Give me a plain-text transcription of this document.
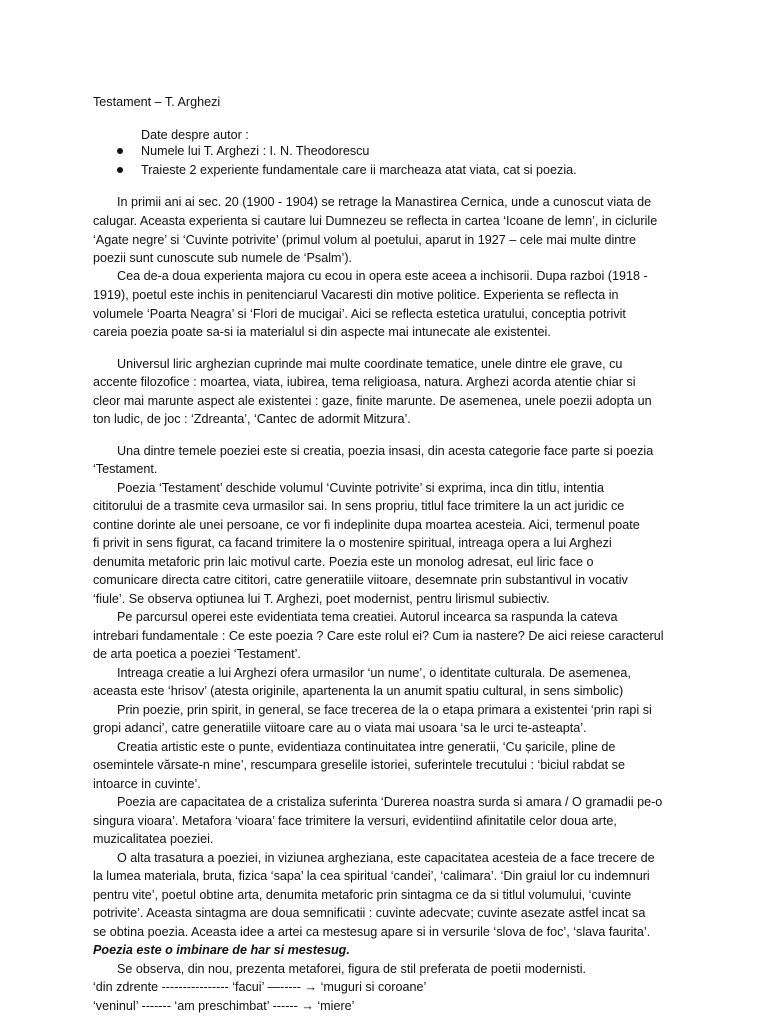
Testament – T. Arghezi
Date despre autor :
Numele lui T. Arghezi : I. N. Theodorescu
Traieste 2 experiente fundamentale care ii marcheaza atat viata, cat si poezia.
In primii ani ai sec. 20 (1900 - 1904) se retrage la Manastirea Cernica, unde a cunoscut viata de
calugar. Aceasta experienta si cautare lui Dumnezeu se reflecta in cartea ‘Icoane de lemn’, in ciclurile
‘Agate negre’ si ‘Cuvinte potrivite’ (primul volum al poetului, aparut in 1927 – cele mai multe dintre
poezii sunt cunoscute sub numele de ‘Psalm’).
Cea de-a doua experienta majora cu ecou in opera este aceea a inchisorii. Dupa razboi (1918 -
1919), poetul este inchis in penitenciarul Vacaresti din motive politice. Experienta se reflecta in
volumele ‘Poarta Neagra’ si ‘Flori de mucigai’. Aici se reflecta estetica uratului, conceptia potrivit
careia poezia poate sa-si ia materialul si din aspecte mai intunecate ale existentei.
Universul liric arghezian cuprinde mai multe coordinate tematice, unele dintre ele grave, cu
accente filozofice : moartea, viata, iubirea, tema religioasa, natura. Arghezi acorda atentie chiar si
cleor mai marunte aspect ale existentei : gaze, finite marunte. De asemenea, unele poezii adopta un
ton ludic, de joc : ‘Zdreanta’, ‘Cantec de adormit Mitzura’.
Una dintre temele poeziei este si creatia, poezia insasi, din acesta categorie face parte si poezia
‘Testament.
Poezia ‘Testament’ deschide volumul ‘Cuvinte potrivite’ si exprima, inca din titlu, intentia
cititorului de a trasmite ceva urmasilor sai. In sens propriu, titlul face trimitere la un act juridic ce
contine dorinte ale unei persoane, ce vor fi indeplinite dupa moartea acesteia. Aici, termenul poate
fi privit in sens figurat, ca facand trimitere la o mostenire spiritual, intreaga opera a lui Arghezi
denumita metaforic prin laic motivul carte. Poezia este un monolog adresat, eul liric face o
comunicare directa catre cititori, catre generatiile viitoare, desemnate prin substantivul in vocativ
‘fiule’. Se observa optiunea lui T. Arghezi, poet modernist, pentru lirismul subiectiv.
Pe parcursul operei este evidentiata tema creatiei. Autorul incearca sa raspunda la cateva
intrebari fundamentale : Ce este poezia ? Care este rolul ei? Cum ia nastere? De aici reiese caracterul
de arta poetica a poeziei ‘Testament’.
Intreaga creatie a lui Arghezi ofera urmasilor ‘un nume’, o identitate culturala. De asemenea,
aceasta este ‘hrisov’ (atesta originile, apartenenta la un anumit spatiu cultural, in sens simbolic)
Prin poezie, prin spirit, in general, se face trecerea de la o etapa primara a existentei ‘prin rapi si
gropi adanci’, catre generatiile viitoare care au o viata mai usoara ‘sa le urci te-asteapta’.
Creatia artistic este o punte, evidentiaza continuitatea intre generatii, ‘Cu șaricile, pline de
osemintele vărsate-n mine’, rescumpara greselile istoriei, suferintele trecutului : ‘biciul rabdat se
intoarce in cuvinte’.
Poezia are capacitatea de a cristaliza suferinta ‘Durerea noastra surda si amara / O gramadii pe-o
singura vioara’. Metafora ‘vioara’ face trimitere la versuri, evidentiind afinitatile celor doua arte,
muzicalitatea poeziei.
O alta trasatura a poeziei, in viziunea argheziana, este capacitatea acesteia de a face trecere de
la lumea materiala, bruta, fizica ‘sapa’ la cea spiritual ‘candei’, ‘calimara’. ‘Din graiul lor cu indemnuri
pentru vite’, poetul obtine arta, denumita metaforic prin sintagma ce da si titlul volumului, ‘cuvinte
potrivite’. Aceasta sintagma are doua semnificatii : cuvinte adecvate; cuvinte asezate astfel incat sa
se obtina poezia. Aceasta idee a artei ca mestesug apare si in versurile ‘slova de foc’, ‘slava faurita’.
Poezia este o imbinare de har si mestesug.
Se observa, din nou, prezenta metaforei, figura de stil preferata de poetii modernisti.
‘din zdrente ---------------- ‘facui’ —----- → ‘muguri si coroane’
‘veninul’ ------- ‘am preschimbat’ ------ → ‘miere’
